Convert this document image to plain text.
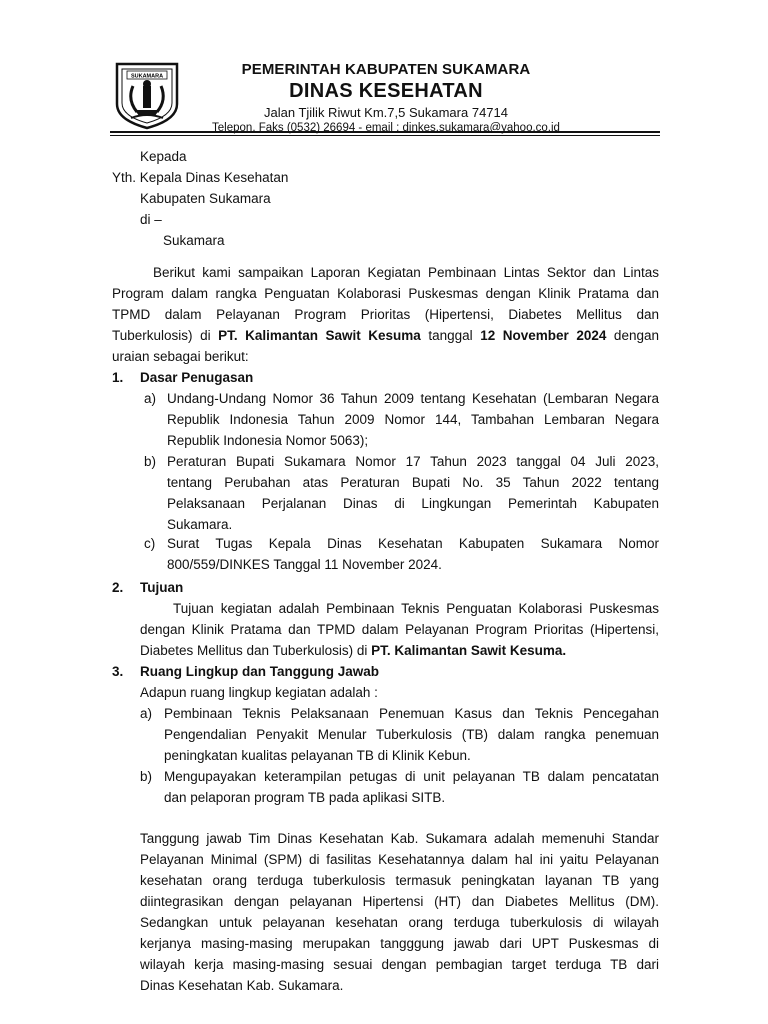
SUKAMARA	PEMERINTAH KABUPATEN SUKAMARA
DINAS KESEHATAN
Jalan Tjilik Riwut Km.7,5 Sukamara 74714
Telepon, Faks (0532) 26694 - email : dinkes.sukamara@yahoo.co.id
Kepada
Yth. Kepala Dinas Kesehatan
Kabupaten Sukamara
di –
Sukamara
Berikut kami sampaikan Laporan Kegiatan Pembinaan Lintas Sektor dan Lintas
Program dalam rangka Penguatan Kolaborasi Puskesmas dengan Klinik Pratama dan
TPMD dalam Pelayanan Program Prioritas (Hipertensi, Diabetes Mellitus dan
Tuberkulosis) di PT. Kalimantan Sawit Kesuma tanggal 12 November 2024 dengan
uraian sebagai berikut:
1. Dasar Penugasan
a) Undang-Undang Nomor 36 Tahun 2009 tentang Kesehatan (Lembaran Negara
Republik Indonesia Tahun 2009 Nomor 144, Tambahan Lembaran Negara
Republik Indonesia Nomor 5063);
b) Peraturan Bupati Sukamara Nomor 17 Tahun 2023 tanggal 04 Juli 2023,
tentang Perubahan atas Peraturan Bupati No. 35 Tahun 2022 tentang
Pelaksanaan Perjalanan Dinas di Lingkungan Pemerintah Kabupaten
Sukamara.
c) Surat Tugas Kepala Dinas Kesehatan Kabupaten Sukamara Nomor
800/559/DINKES Tanggal 11 November 2024.
2. Tujuan
Tujuan kegiatan adalah Pembinaan Teknis Penguatan Kolaborasi Puskesmas
dengan Klinik Pratama dan TPMD dalam Pelayanan Program Prioritas (Hipertensi,
Diabetes Mellitus dan Tuberkulosis) di PT. Kalimantan Sawit Kesuma.
3. Ruang Lingkup dan Tanggung Jawab
Adapun ruang lingkup kegiatan adalah :
a) Pembinaan Teknis Pelaksanaan Penemuan Kasus dan Teknis Pencegahan
Pengendalian Penyakit Menular Tuberkulosis (TB) dalam rangka penemuan
peningkatan kualitas pelayanan TB di Klinik Kebun.
b) Mengupayakan keterampilan petugas di unit pelayanan TB dalam pencatatan
dan pelaporan program TB pada aplikasi SITB.
Tanggung jawab Tim Dinas Kesehatan Kab. Sukamara adalah memenuhi Standar
Pelayanan Minimal (SPM) di fasilitas Kesehatannya dalam hal ini yaitu Pelayanan
kesehatan orang terduga tuberkulosis termasuk peningkatan layanan TB yang
diintegrasikan dengan pelayanan Hipertensi (HT) dan Diabetes Mellitus (DM).
Sedangkan untuk pelayanan kesehatan orang terduga tuberkulosis di wilayah
kerjanya masing-masing merupakan tangggung jawab dari UPT Puskesmas di
wilayah kerja masing-masing sesuai dengan pembagian target terduga TB dari
Dinas Kesehatan Kab. Sukamara.
